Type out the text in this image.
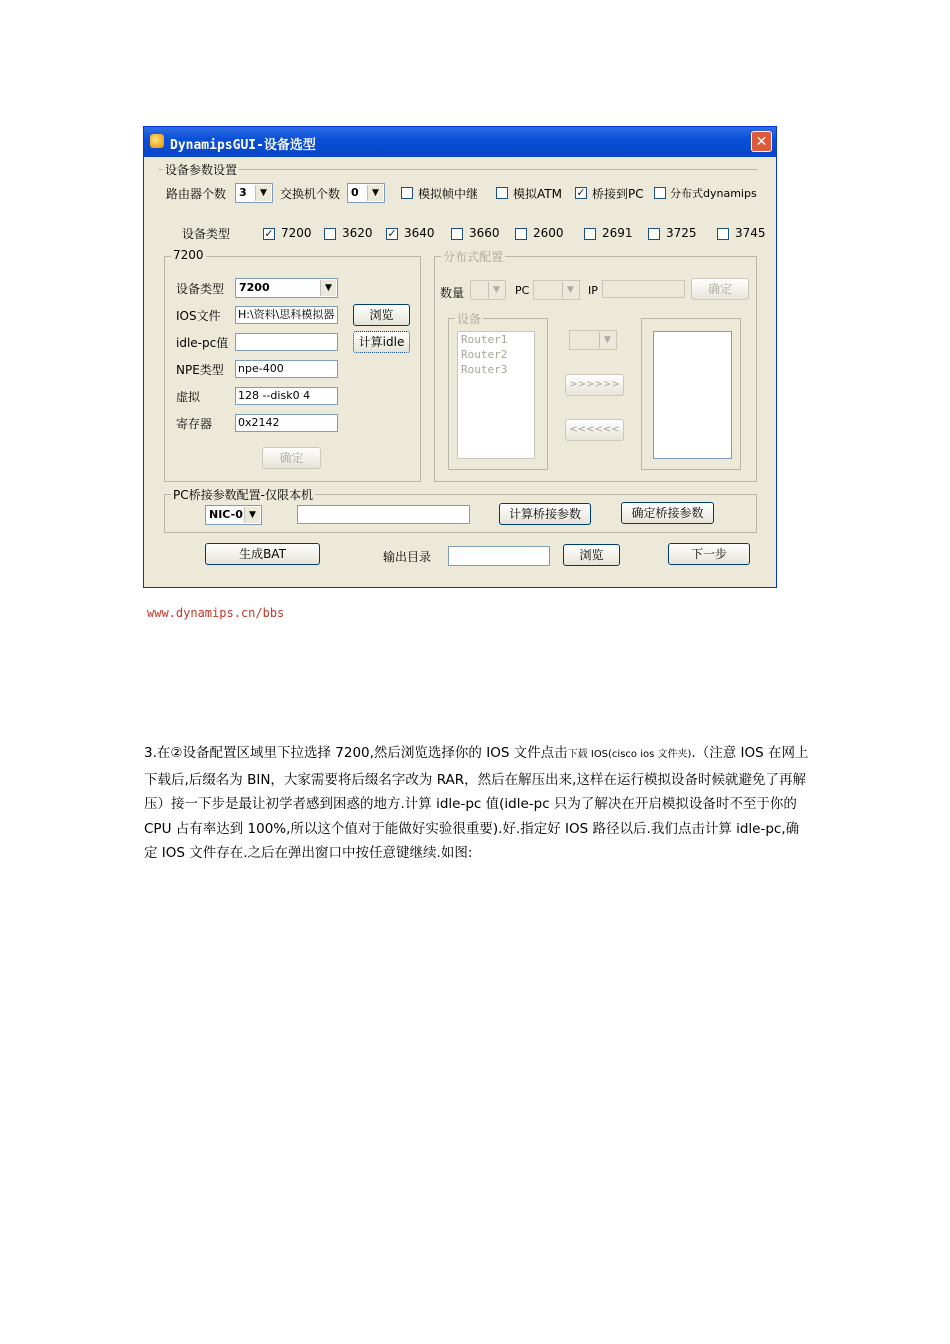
DynamipsGUI-设备选型	✕
设备参数设置
路由器个数	3	▼	交换机个数 0	▼	模拟帧中继	模拟ATM ✓ 桥接到PC 分布式dynamips
设备类型	✓ 7200	3620 ✓ 3640	3660	2600	2691	3725	3745
7200
设备类型	7200	▼
IOS文件 H:\资料\思科模拟器	浏览
idle-pc值	计算idle
NPE类型 npe-400
虚拟	128 --disk0 4
寄存器 0x2142
确定
分布式配置
数量	▼	PC	▼	IP	确定
设备
Router1
Router2
Router3
▼
>>>>>>
<<<<<<
PC桥接参数配置-仅限本机
NIC-0 ▼	计算桥接参数	确定桥接参数
生成BAT	输出目录	浏览	下一步
www.dynamips.cn/bbs
3.在②设备配置区域里下拉选择 7200,然后浏览选择你的 IOS 文件点击下载 IOS(cisco ios 文件夹).（注意 IOS 在网上下载后,后缀名为 BIN，大家需要将后缀名字改为 RAR，然后在解压出来,这样在运行模拟设备时候就避免了再解压）接一下步是最让初学者感到困惑的地方.计算 idle-pc 值(idle-pc 只为了解决在开启模拟设备时不至于你的 CPU 占有率达到 100%,所以这个值对于能做好实验很重要).好.指定好 IOS 路径以后.我们点击计算 idle-pc,确定 IOS 文件存在.之后在弹出窗口中按任意键继续.如图:
